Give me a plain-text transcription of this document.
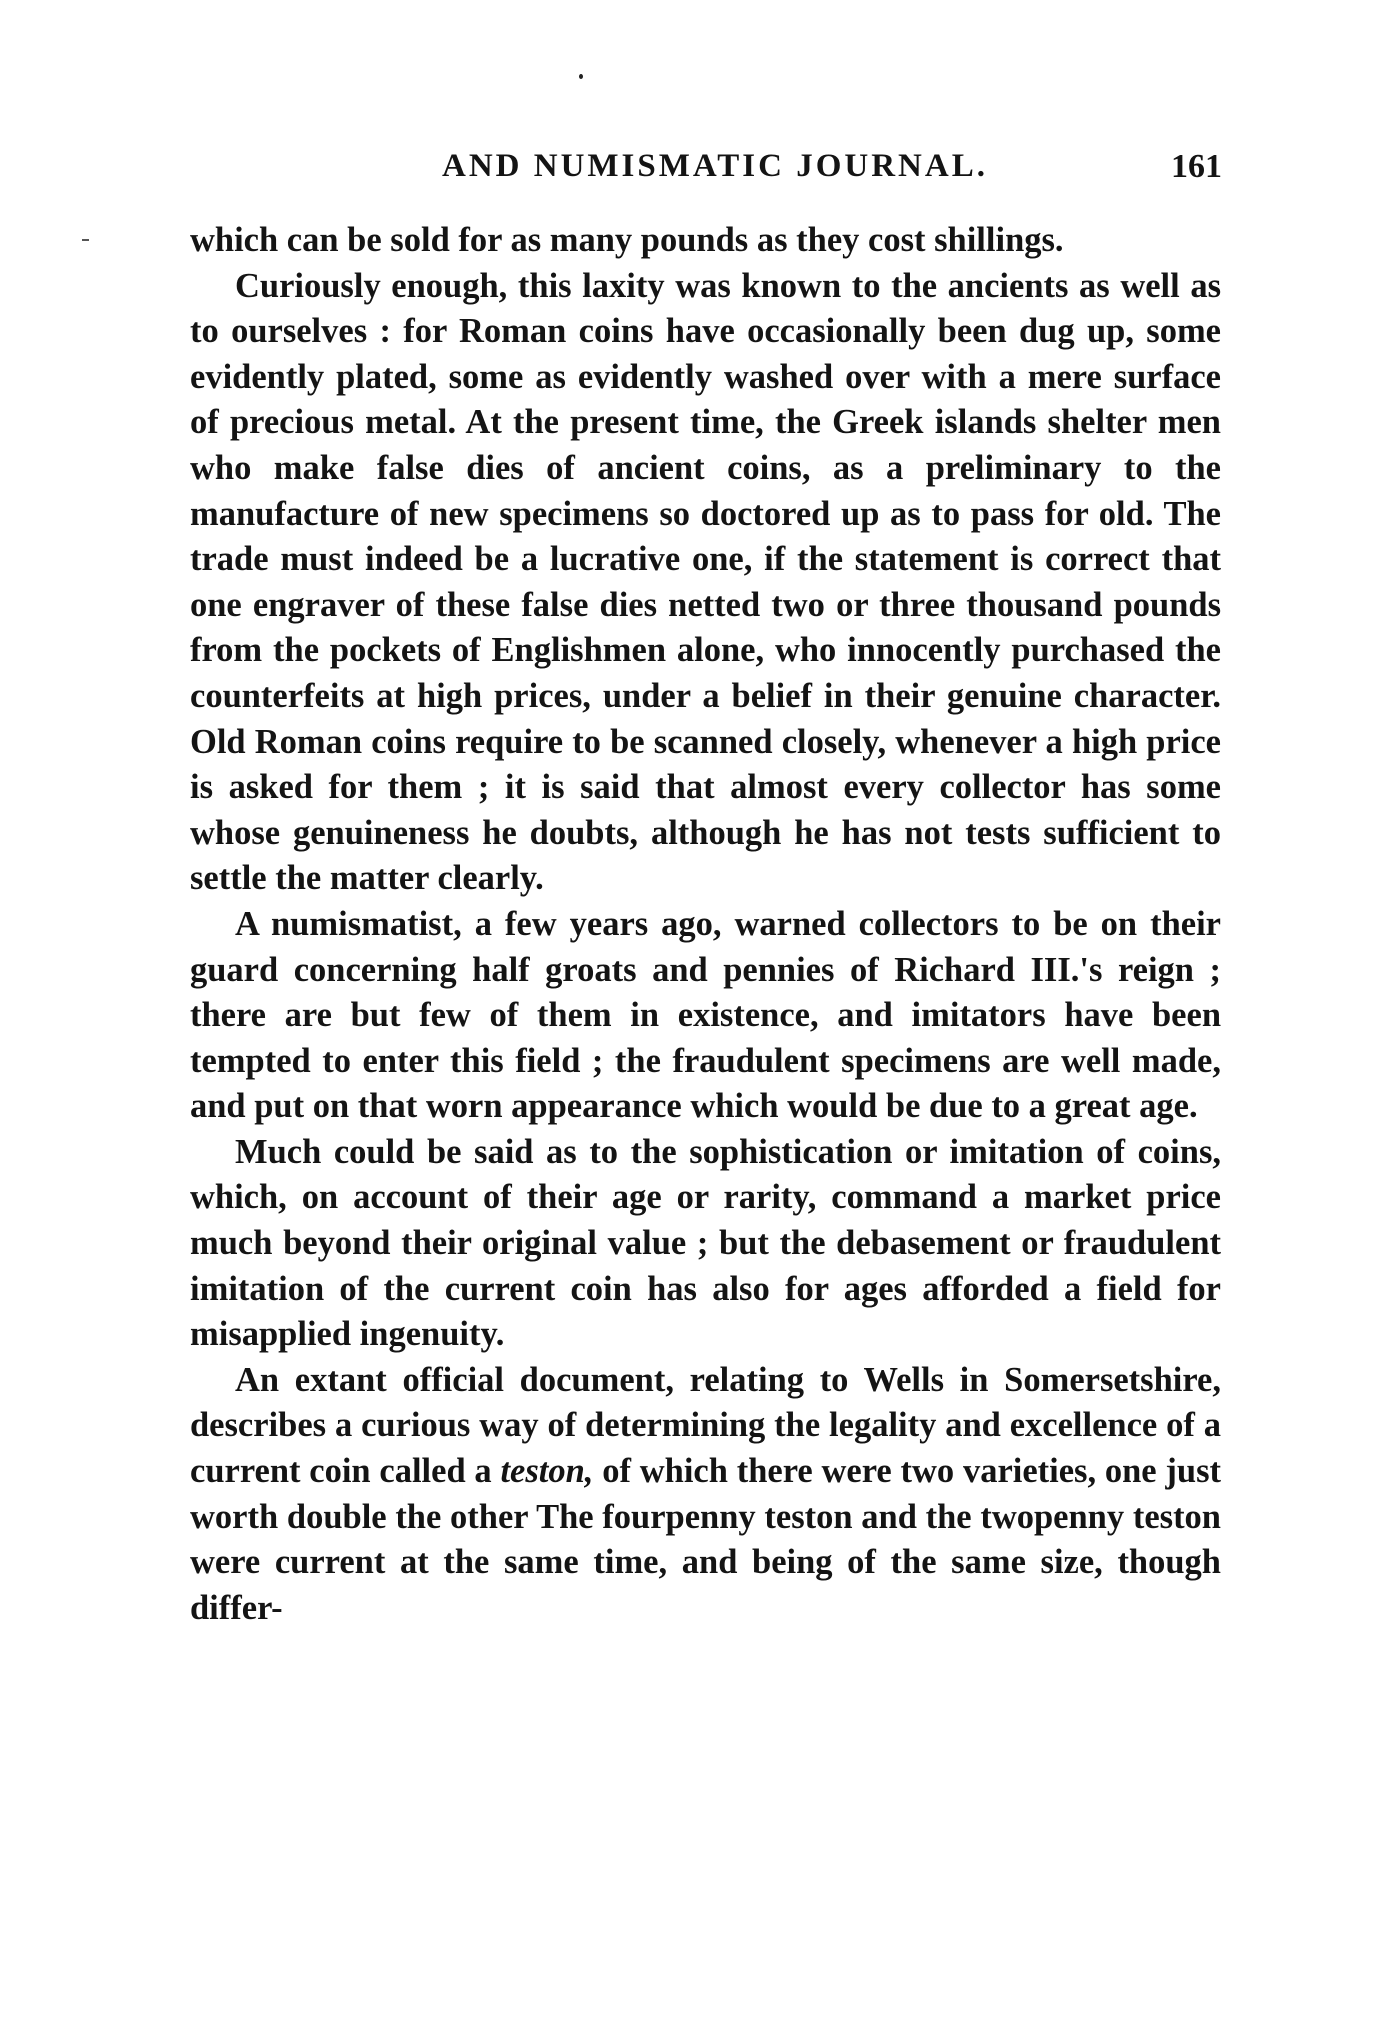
AND NUMISMATIC JOURNAL.	161

which can be sold for as many pounds as they cost shillings.

Curiously enough, this laxity was known to the ancients as well as to ourselves : for Roman coins have occasionally been dug up, some evidently plated, some as evidently washed over with a mere surface of precious metal. At the present time, the Greek islands shelter men who make false dies of ancient coins, as a preliminary to the manufacture of new specimens so doctored up as to pass for old. The trade must indeed be a lucrative one, if the statement is correct that one engraver of these false dies netted two or three thousand pounds from the pockets of Englishmen alone, who innocently purchased the counterfeits at high prices, under a belief in their genuine character. Old Roman coins require to be scanned closely, whenever a high price is asked for them ; it is said that almost every collector has some whose genuineness he doubts, although he has not tests sufficient to settle the matter clearly.

A numismatist, a few years ago, warned collectors to be on their guard concerning half groats and pennies of Richard III.'s reign ; there are but few of them in existence, and imitators have been tempted to enter this field ; the fraudulent specimens are well made, and put on that worn appearance which would be due to a great age.

Much could be said as to the sophistication or imitation of coins, which, on account of their age or rarity, command a market price much beyond their original value ; but the debasement or fraudulent imitation of the current coin has also for ages afforded a field for misapplied ingenuity.

An extant official document, relating to Wells in Somersetshire, describes a curious way of determining the legality and excellence of a current coin called a teston, of which there were two varieties, one just worth double the other The fourpenny teston and the twopenny teston were current at the same time, and being of the same size, though differ-
